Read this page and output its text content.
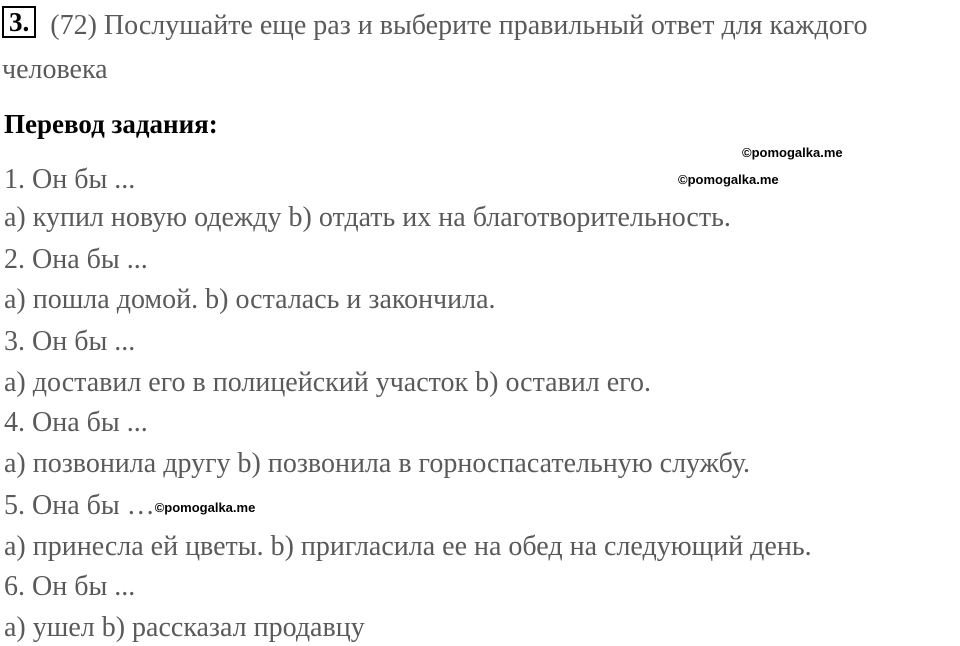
3. (72) Послушайте еще раз и выберите правильный ответ для каждого человека
Перевод задания:
©pomogalka.me
©pomogalka.me
1. Он бы ...
a) купил новую одежду b) отдать их на благотворительность.
2. Она бы ...
a) пошла домой. b) осталась и закончила.
3. Он бы ...
a) доставил его в полицейский участок b) оставил его.
4. Она бы ...
a) позвонила другу b) позвонила в горноспасательную службу.
5. Она бы …©pomogalka.me
a) принесла ей цветы. b) пригласила ее на обед на следующий день.
6. Он бы ...
a) ушел b) рассказал продавцу
